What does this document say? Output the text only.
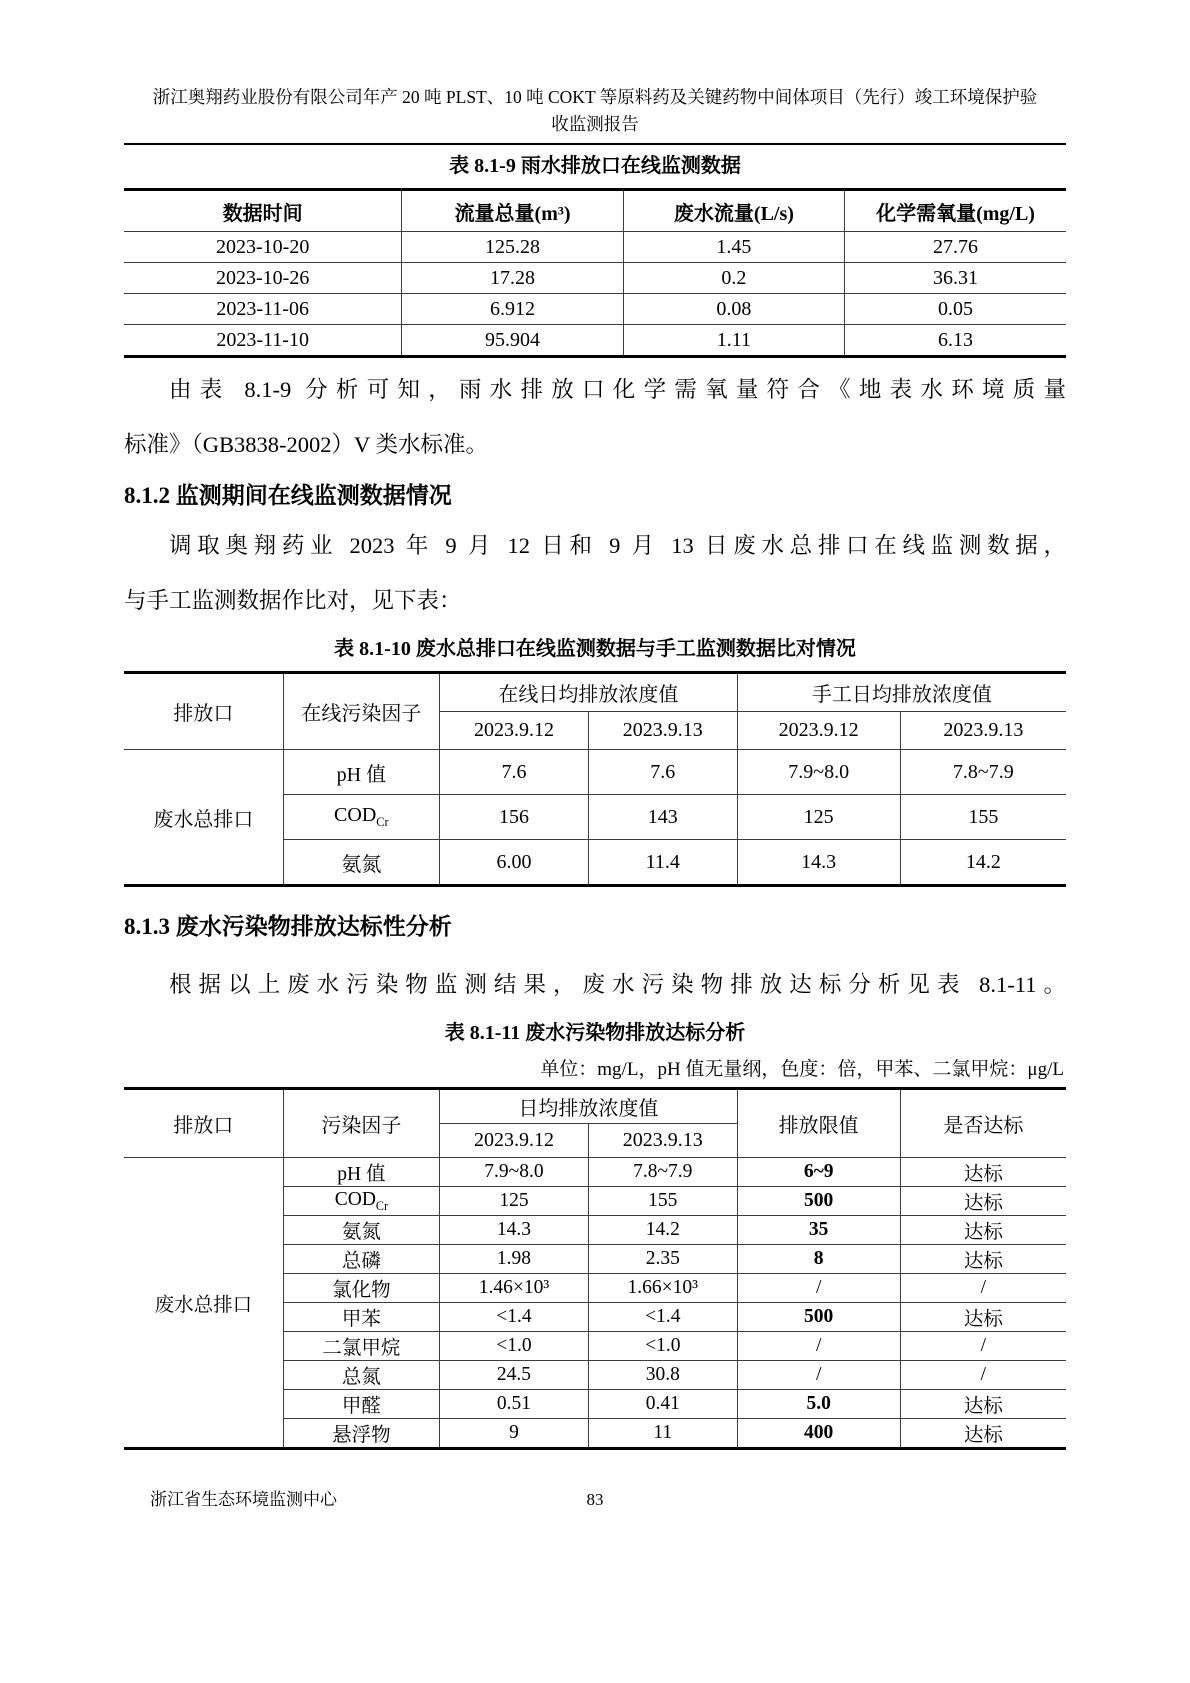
浙江奥翔药业股份有限公司年产 20 吨 PLST、10 吨 COKT 等原料药及关键药物中间体项目（先行）竣工环境保护验
收监测报告
表 8.1-9 雨水排放口在线监测数据
数据时间	流量总量(m³)	废水流量(L/s)	化学需氧量(mg/L)
2023-10-20	125.28	1.45	27.76
2023-10-26	17.28	0.2	36.31
2023-11-06	6.912	0.08	0.05
2023-11-10	95.904	1.11	6.13
由表 8.1-9 分析可知，雨水排放口化学需氧量符合《地表水环境质量
标准》（GB3838-2002）V 类水标准。
8.1.2 监测期间在线监测数据情况
调取奥翔药业 2023 年 9 月 12 日和 9 月 13 日废水总排口在线监测数据，
与手工监测数据作比对，见下表：
表 8.1-10 废水总排口在线监测数据与手工监测数据比对情况
排放口	在线污染因子	在线日均排放浓度值		手工日均排放浓度值	
		2023.9.12	2023.9.13	2023.9.12	2023.9.13
废水总排口	pH 值	7.6	7.6	7.9~8.0	7.8~7.9
	$COD_{Cr}$	156	143	125	155
	氨氮	6.00	11.4	14.3	14.2
8.1.3 废水污染物排放达标性分析
根据以上废水污染物监测结果，废水污染物排放达标分析见表 8.1-11。
表 8.1-11 废水污染物排放达标分析
单位：mg/L，pH 值无量纲，色度：倍，甲苯、二氯甲烷：μg/L
排放口	污染因子	日均排放浓度值		排放限值	是否达标
		2023.9.12	2023.9.13		
废水总排口	pH 值	7.9~8.0	7.8~7.9	6~9	达标
	$COD_{Cr}$	125	155	500	达标
	氨氮	14.3	14.2	35	达标
	总磷	1.98	2.35	8	达标
	氯化物	1.46×10³	1.66×10³	/	/
	甲苯	<1.4	<1.4	500	达标
	二氯甲烷	<1.0	<1.0	/	/
	总氮	24.5	30.8	/	/
	甲醛	0.51	0.41	5.0	达标
	悬浮物	9	11	400	达标
83
浙江省生态环境监测中心
